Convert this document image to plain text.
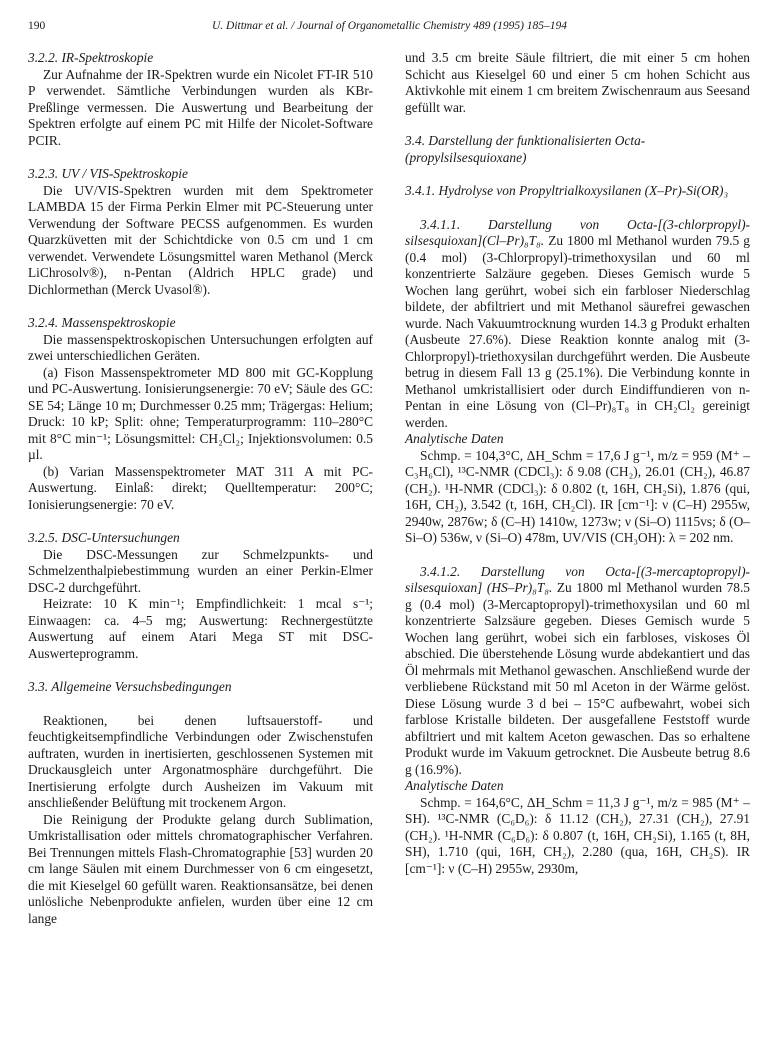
190	U. Dittmar et al. / Journal of Organometallic Chemistry 489 (1995) 185–194

3.2.2. IR-Spektroskopie

Zur Aufnahme der IR-Spektren wurde ein Nicolet FT-IR 510 P verwendet. Sämtliche Verbindungen wurden als KBr-Preßlinge vermessen. Die Auswertung und Bearbeitung der Spektren erfolgte auf einem PC mit Hilfe der Nicolet-Software PCIR.

3.2.3. UV / VIS-Spektroskopie

Die UV/VIS-Spektren wurden mit dem Spektrometer LAMBDA 15 der Firma Perkin Elmer mit PC-Steuerung unter Verwendung der Software PECSS aufgenommen. Es wurden Quarzküvetten mit der Schichtdicke von 0.5 cm und 1 cm verwendet. Verwendete Lösungsmittel waren Methanol (Merck LiChrosolv®), n-Pentan (Aldrich HPLC grade) und Dichlormethan (Merck Uvasol®).

3.2.4. Massenspektroskopie

Die massenspektroskopischen Untersuchungen erfolgten auf zwei unterschiedlichen Geräten.

(a) Fison Massenspektrometer MD 800 mit GC-Kopplung und PC-Auswertung. Ionisierungsenergie: 70 eV; Säule des GC: SE 54; Länge 10 m; Durchmesser 0.25 mm; Trägergas: Helium; Druck: 10 kP; Split: ohne; Temperaturprogramm: 110–280°C mit 8°C min⁻¹; Lösungsmittel: CH₂Cl₂; Injektionsvolumen: 0.5 µl.

(b) Varian Massenspektrometer MAT 311 A mit PC-Auswertung. Einlaß: direkt; Quelltemperatur: 200°C; Ionisierungsenergie: 70 eV.

3.2.5. DSC-Untersuchungen

Die DSC-Messungen zur Schmelzpunkts- und Schmelzenthalpiebestimmung wurden an einer Perkin-Elmer DSC-2 durchgeführt.

Heizrate: 10 K min⁻¹; Empfindlichkeit: 1 mcal s⁻¹; Einwaagen: ca. 4–5 mg; Auswertung: Rechnergestützte Auswertung auf einem Atari Mega ST mit DSC-Auswerteprogramm.

3.3. Allgemeine Versuchsbedingungen

Reaktionen, bei denen luftsauerstoff- und feuchtigkeitsempfindliche Verbindungen oder Zwischenstufen auftraten, wurden in inertisierten, geschlossenen Systemen mit Druckausgleich unter Argonatmosphäre durchgeführt. Die Inertisierung erfolgte durch Ausheizen im Vakuum mit anschließender Belüftung mit trockenem Argon.

Die Reinigung der Produkte gelang durch Sublimation, Umkristallisation oder mittels chromatographischer Verfahren. Bei Trennungen mittels Flash-Chromatographie [53] wurden 20 cm lange Säulen mit einem Durchmesser von 6 cm eingesetzt, die mit Kieselgel 60 gefüllt waren. Reaktionsansätze, bei denen unlösliche Nebenprodukte anfielen, wurden über eine 12 cm lange

und 3.5 cm breite Säule filtriert, die mit einer 5 cm hohen Schicht aus Kieselgel 60 und einer 5 cm hohen Schicht aus Aktivkohle mit einem 1 cm breitem Zwischenraum aus Seesand gefüllt war.

3.4. Darstellung der funktionalisierten Octa-(propylsilsesquioxane)

3.4.1. Hydrolyse von Propyltrialkoxysilanen (X–Pr)-Si(OR)₃

3.4.1.1. Darstellung von Octa-[(3-chlorpropyl)-silsesquioxan](Cl–Pr)₈T₈. Zu 1800 ml Methanol wurden 79.5 g (0.4 mol) (3-Chlorpropyl)-trimethoxysilan und 60 ml konzentrierte Salzäure gegeben. Dieses Gemisch wurde 5 Wochen lang gerührt, wobei sich ein farbloser Niederschlag bildete, der abfiltriert und mit Methanol säurefrei gewaschen wurde. Nach Vakuumtrocknung wurden 14.3 g Produkt erhalten (Ausbeute 27.6%). Diese Reaktion konnte analog mit (3-Chlorpropyl)-triethoxysilan durchgeführt werden. Die Ausbeute betrug in diesem Fall 13 g (25.1%). Die Verbindung konnte in Methanol umkristallisiert oder durch Eindiffundieren von n-Pentan in eine Lösung von (Cl–Pr)₈T₈ in CH₂Cl₂ gereinigt werden.

Analytische Daten

Schmp. = 104,3°C, ΔH_Schm = 17,6 J g⁻¹, m/z = 959 (M⁺ – C₃H₆Cl), ¹³C-NMR (CDCl₃): δ 9.08 (CH₂), 26.01 (CH₂), 46.87 (CH₂). ¹H-NMR (CDCl₃): δ 0.802 (t, 16H, CH₂Si), 1.876 (qui, 16H, CH₂), 3.542 (t, 16H, CH₂Cl). IR [cm⁻¹]: ν (C–H) 2955w, 2940w, 2876w; δ (C–H) 1410w, 1273w; ν (Si–O) 1115vs; δ (O–Si–O) 536w, ν (Si–O) 478m, UV/VIS (CH₃OH): λ = 202 nm.

3.4.1.2. Darstellung von Octa-[(3-mercaptopropyl)-silsesquioxan] (HS–Pr)₈T₈. Zu 1800 ml Methanol wurden 78.5 g (0.4 mol) (3-Mercaptopropyl)-trimethoxysilan und 60 ml konzentrierte Salzsäure gegeben. Dieses Gemisch wurde 5 Wochen lang gerührt, wobei sich ein farbloses, viskoses Öl abschied. Die überstehende Lösung wurde abdekantiert und das Öl mehrmals mit Methanol gewaschen. Anschließend wurde der verbliebene Rückstand mit 50 ml Aceton in der Wärme gelöst. Diese Lösung wurde 3 d bei – 15°C aufbewahrt, wobei sich farblose Kristalle bildeten. Der ausgefallene Feststoff wurde abfiltriert und mit kaltem Aceton gewaschen. Das so erhaltene Produkt wurde im Vakuum getrocknet. Die Ausbeute betrug 8.6 g (16.9%).

Analytische Daten

Schmp. = 164,6°C, ΔH_Schm = 11,3 J g⁻¹, m/z = 985 (M⁺ – SH). ¹³C-NMR (C₆D₆): δ 11.12 (CH₂), 27.31 (CH₂), 27.91 (CH₂). ¹H-NMR (C₆D₆): δ 0.807 (t, 16H, CH₂Si), 1.165 (t, 8H, SH), 1.710 (qui, 16H, CH₂), 2.280 (qua, 16H, CH₂S). IR [cm⁻¹]: ν (C–H) 2955w, 2930m,
